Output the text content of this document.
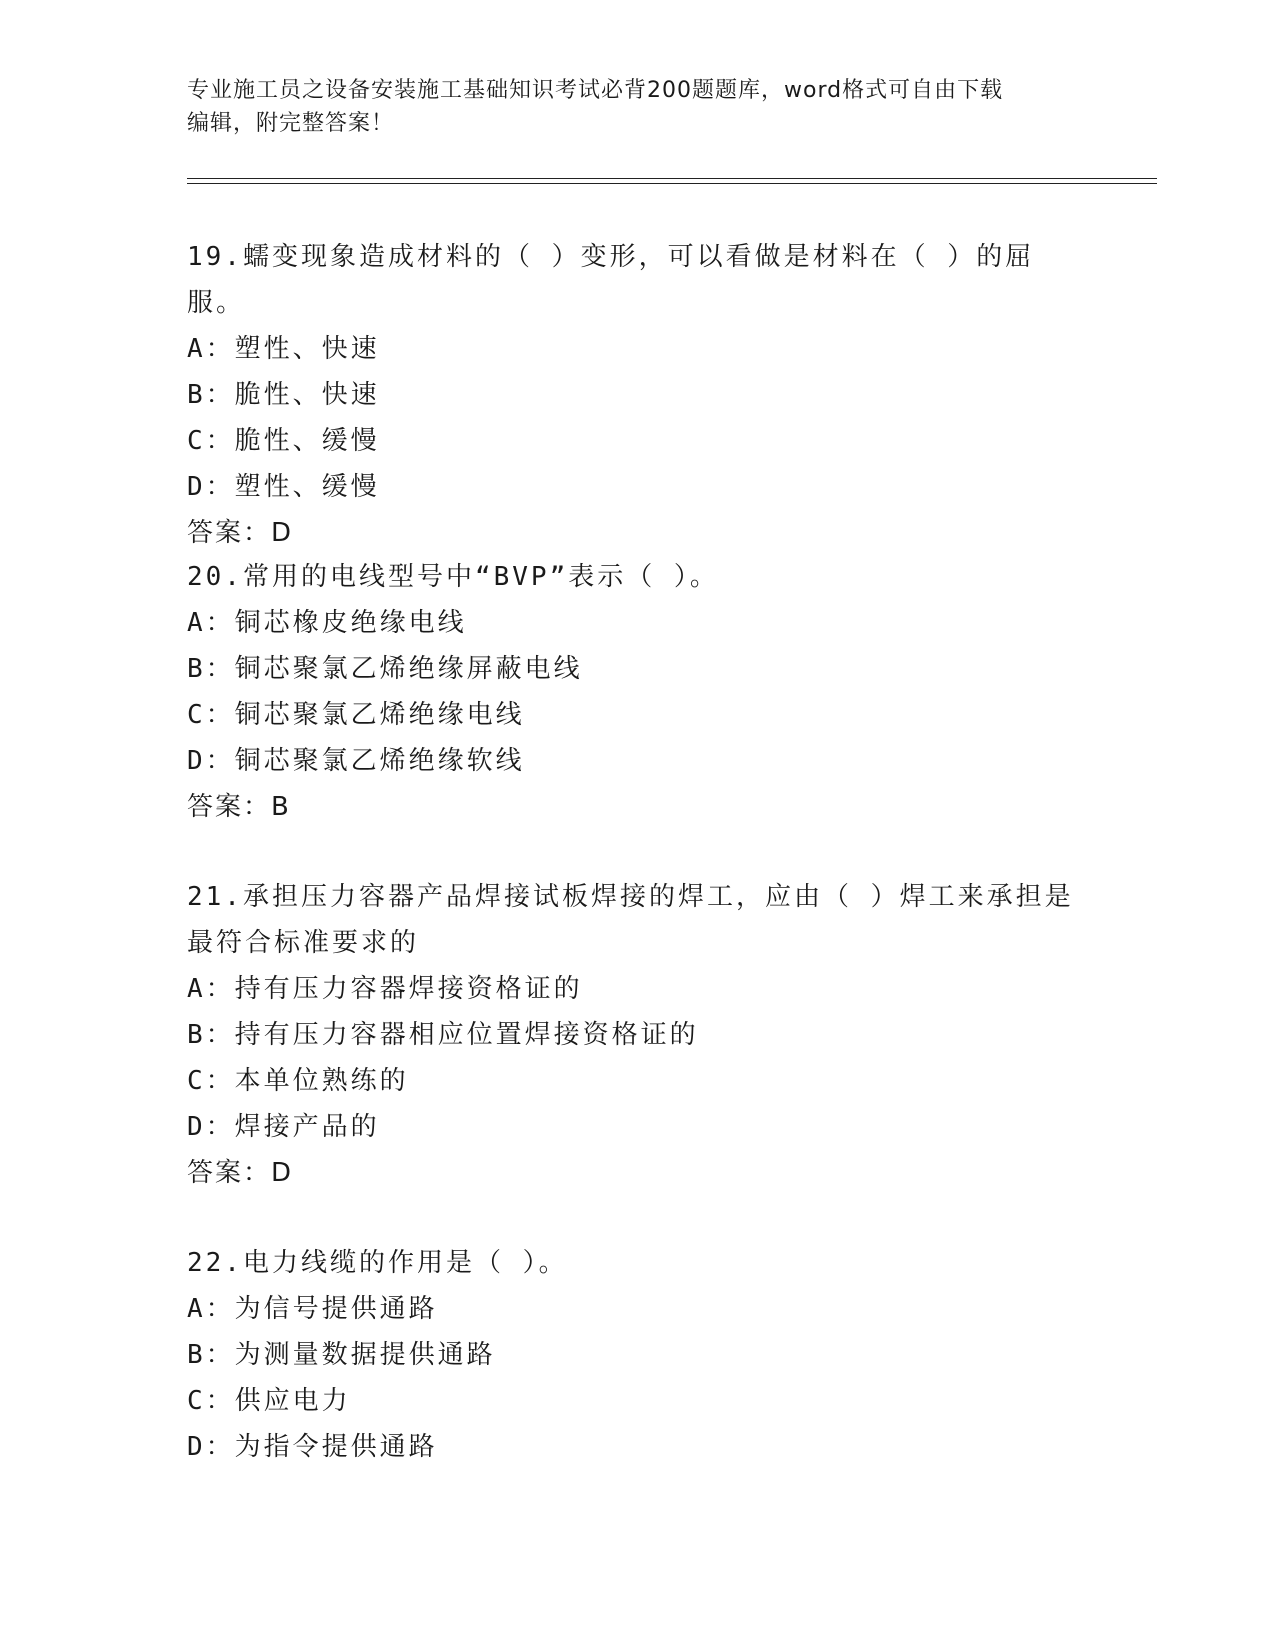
专业施工员之设备安装施工基础知识考试必背200题题库，word格式可自由下载
编辑，附完整答案！
19.蠕变现象造成材料的（ ）变形，可以看做是材料在（ ）的屈服。
A：塑性、快速
B：脆性、快速
C：脆性、缓慢
D：塑性、缓慢
答案：D
20.常用的电线型号中“BVP”表示（ ）。
A：铜芯橡皮绝缘电线
B：铜芯聚氯乙烯绝缘屏蔽电线
C：铜芯聚氯乙烯绝缘电线
D：铜芯聚氯乙烯绝缘软线
答案：B
21.承担压力容器产品焊接试板焊接的焊工，应由（ ）焊工来承担是
最符合标准要求的
A：持有压力容器焊接资格证的
B：持有压力容器相应位置焊接资格证的
C：本单位熟练的
D：焊接产品的
答案：D
22.电力线缆的作用是（ ）。
A：为信号提供通路
B：为测量数据提供通路
C：供应电力
D：为指令提供通路
